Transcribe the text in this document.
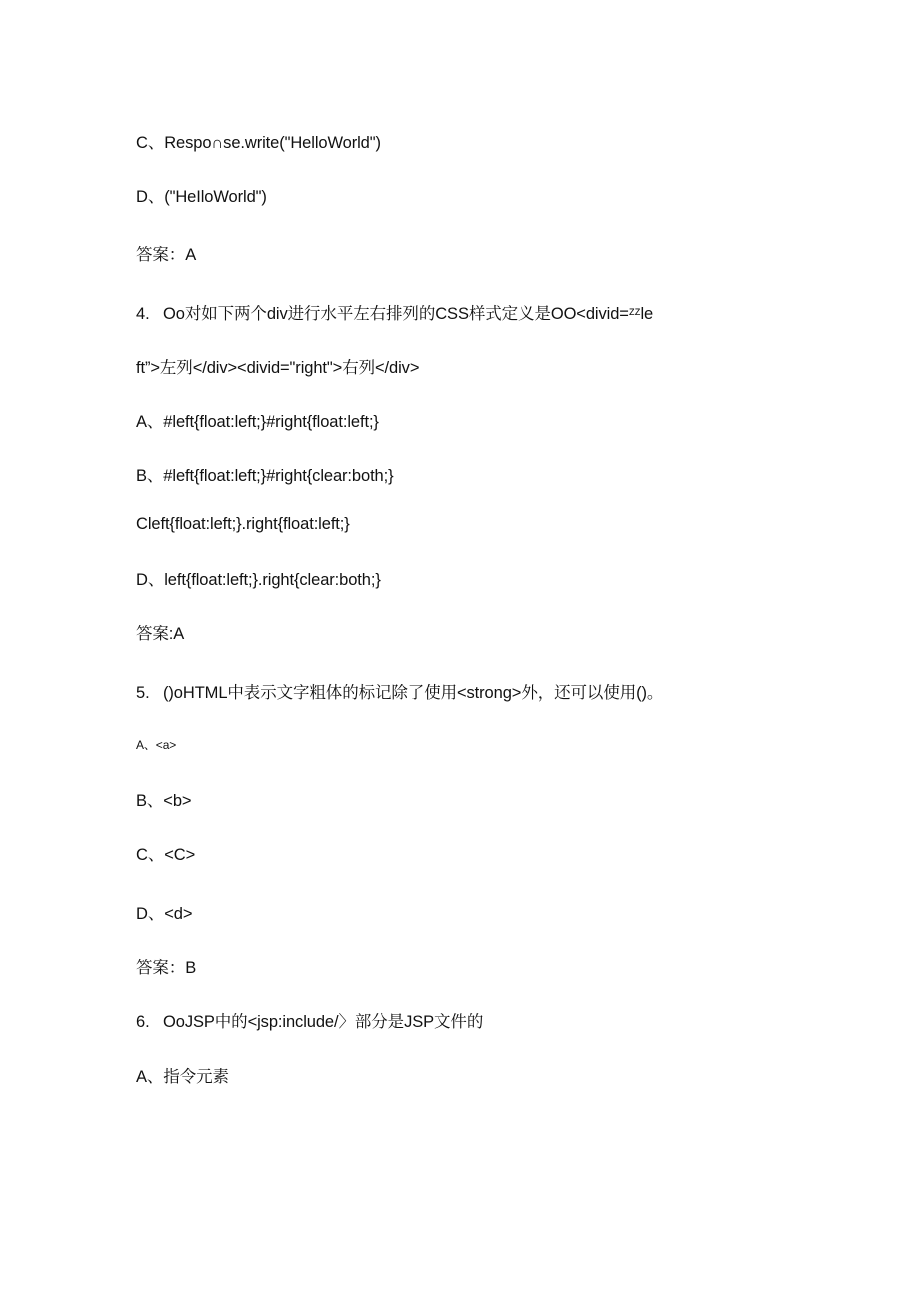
C、Respo∩se.write("HelloWorld")
D、("HeIloWorld")
答案：A
4.   Oo对如下两个div进行水平左右排列的CSS样式定义是OO<divid=ᶻᶻle
ft”>左列</div><divid="right">右列</div>
A、#left{float:left;}#right{float:left;}
B、#left{float:left;}#right{clear:both;}
Cleft{float:left;}.right{float:left;}
D、left{float:left;}.right{clear:both;}
答案:A
5.   ()oHTML中表示文字粗体的标记除了使用<strong>外，还可以使用()。
A、<a>
B、<b>
C、<C>
D、<d>
答案：B
6.   OoJSP中的<jsp:include/〉部分是JSP文件的
A、指令元素
